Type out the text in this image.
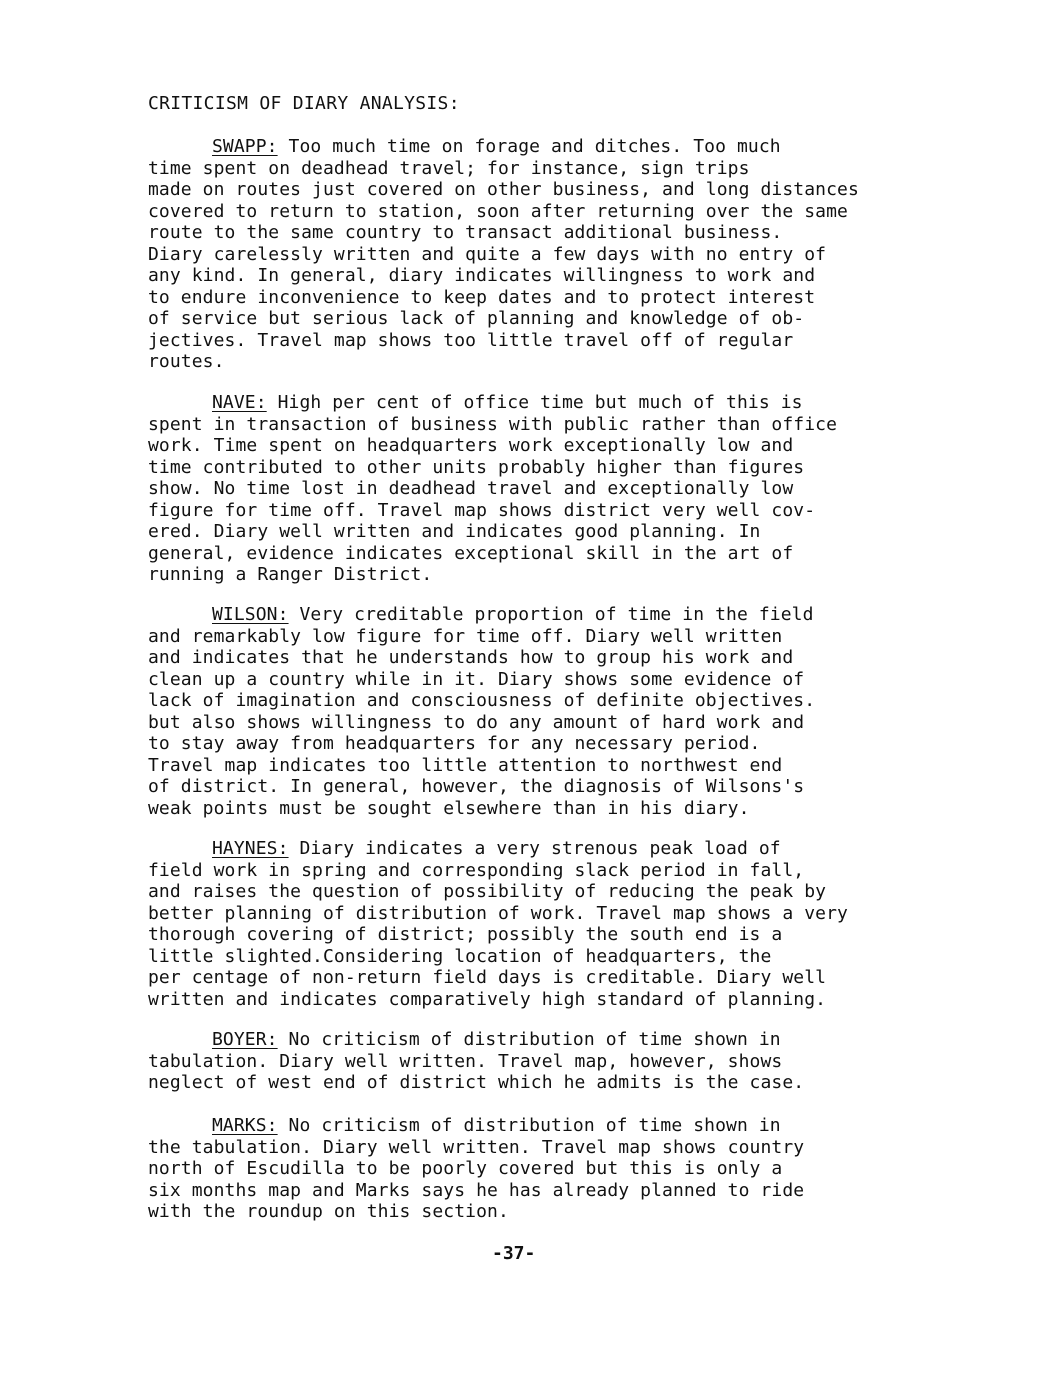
CRITICISM OF DIARY ANALYSIS:

SWAPP: Too much time on forage and ditches. Too much
time spent on deadhead travel; for instance, sign trips
made on routes just covered on other business, and long distances
covered to return to station, soon after returning over the same
route to the same country to transact additional business.
Diary carelessly written and quite a few days with no entry of
any kind. In general, diary indicates willingness to work and
to endure inconvenience to keep dates and to protect interest
of service but serious lack of planning and knowledge of ob-
jectives. Travel map shows too little travel off of regular
routes.

NAVE: High per cent of office time but much of this is
spent in transaction of business with public rather than office
work. Time spent on headquarters work exceptionally low and
time contributed to other units probably higher than figures
show. No time lost in deadhead travel and exceptionally low
figure for time off. Travel map shows district very well cov-
ered. Diary well written and indicates good planning. In
general, evidence indicates exceptional skill in the art of
running a Ranger District.

WILSON: Very creditable proportion of time in the field
and remarkably low figure for time off. Diary well written
and indicates that he understands how to group his work and
clean up a country while in it. Diary shows some evidence of
lack of imagination and consciousness of definite objectives.
but also shows willingness to do any amount of hard work and
to stay away from headquarters for any necessary period.
Travel map indicates too little attention to northwest end
of district. In general, however, the diagnosis of Wilsons's
weak points must be sought elsewhere than in his diary.

HAYNES: Diary indicates a very strenous peak load of
field work in spring and corresponding slack period in fall,
and raises the question of possibility of reducing the peak by
better planning of distribution of work. Travel map shows a very
thorough covering of district; possibly the south end is a
little slighted.Considering location of headquarters, the
per centage of non-return field days is creditable. Diary well
written and indicates comparatively high standard of planning.

BOYER: No criticism of distribution of time shown in
tabulation. Diary well written. Travel map, however, shows
neglect of west end of district which he admits is the case.

MARKS: No criticism of distribution of time shown in
the tabulation. Diary well written. Travel map shows country
north of Escudilla to be poorly covered but this is only a
six months map and Marks says he has already planned to ride
with the roundup on this section.

-37-
